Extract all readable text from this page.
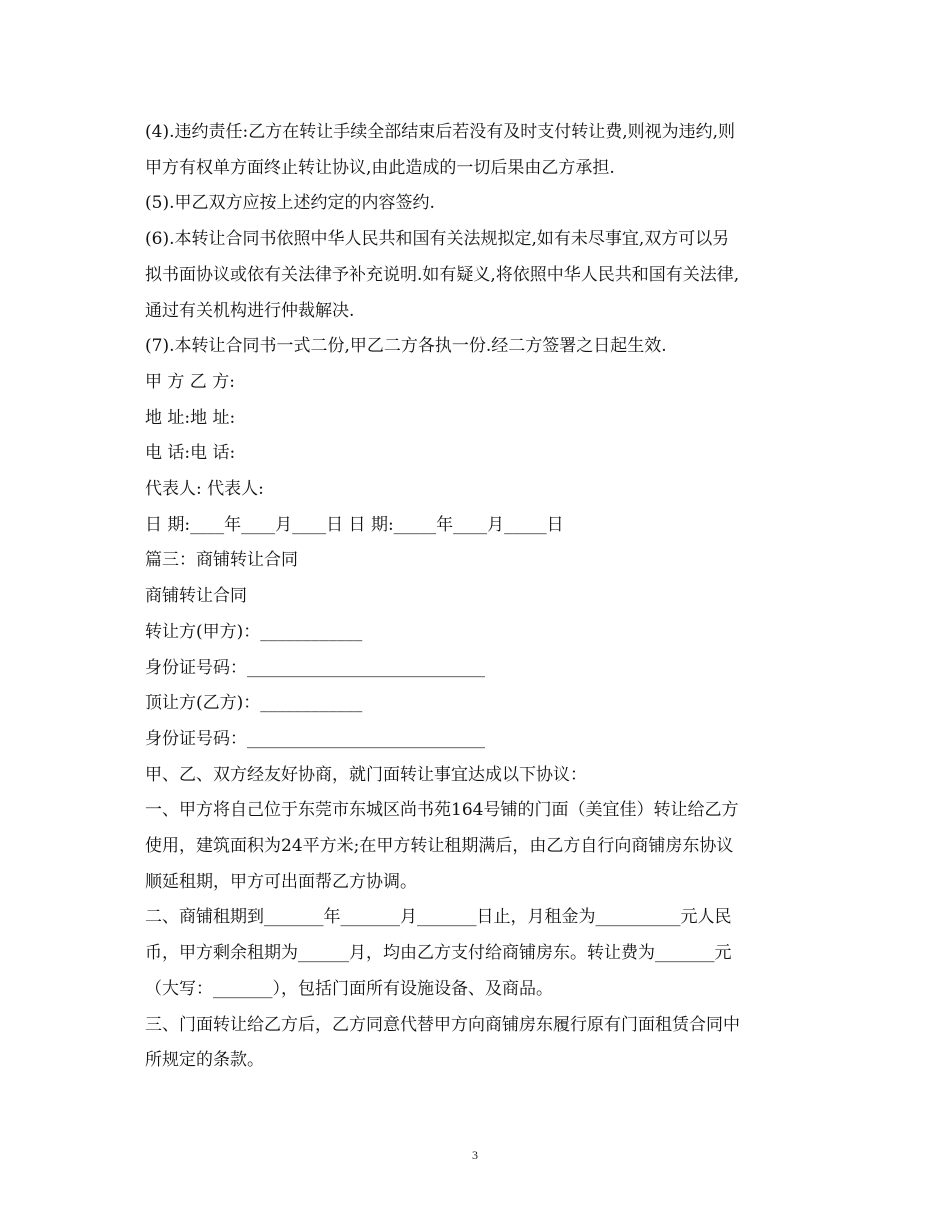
(4).违约责任:乙方在转让手续全部结束后若没有及时支付转让费,则视为违约,则
甲方有权单方面终止转让协议,由此造成的一切后果由乙方承担.
(5).甲乙双方应按上述约定的内容签约.
(6).本转让合同书依照中华人民共和国有关法规拟定,如有未尽事宜,双方可以另
拟书面协议或依有关法律予补充说明.如有疑义,将依照中华人民共和国有关法律,
通过有关机构进行仲裁解决.
(7).本转让合同书一式二份,甲乙二方各执一份.经二方签署之日起生效.
甲 方 乙 方:
地 址:地 址:
电 话:电 话:
代表人: 代表人:
日 期:____年____月____日 日 期:_____年____月_____日
篇三：商铺转让合同
商铺转让合同
转让方(甲方)：____________
身份证号码：____________________________
顶让方(乙方)：____________
身份证号码：____________________________
甲、乙、双方经友好协商，就门面转让事宜达成以下协议：
一、甲方将自己位于东莞市东城区尚书苑164号铺的门面（美宜佳）转让给乙方
使用，建筑面积为24平方米;在甲方转让租期满后，由乙方自行向商铺房东协议
顺延租期，甲方可出面帮乙方协调。
二、商铺租期到_______年_______月_______日止，月租金为__________元人民
币，甲方剩余租期为______月，均由乙方支付给商铺房东。转让费为_______元
（大写：_______），包括门面所有设施设备、及商品。
三、门面转让给乙方后，乙方同意代替甲方向商铺房东履行原有门面租赁合同中
所规定的条款。
3
